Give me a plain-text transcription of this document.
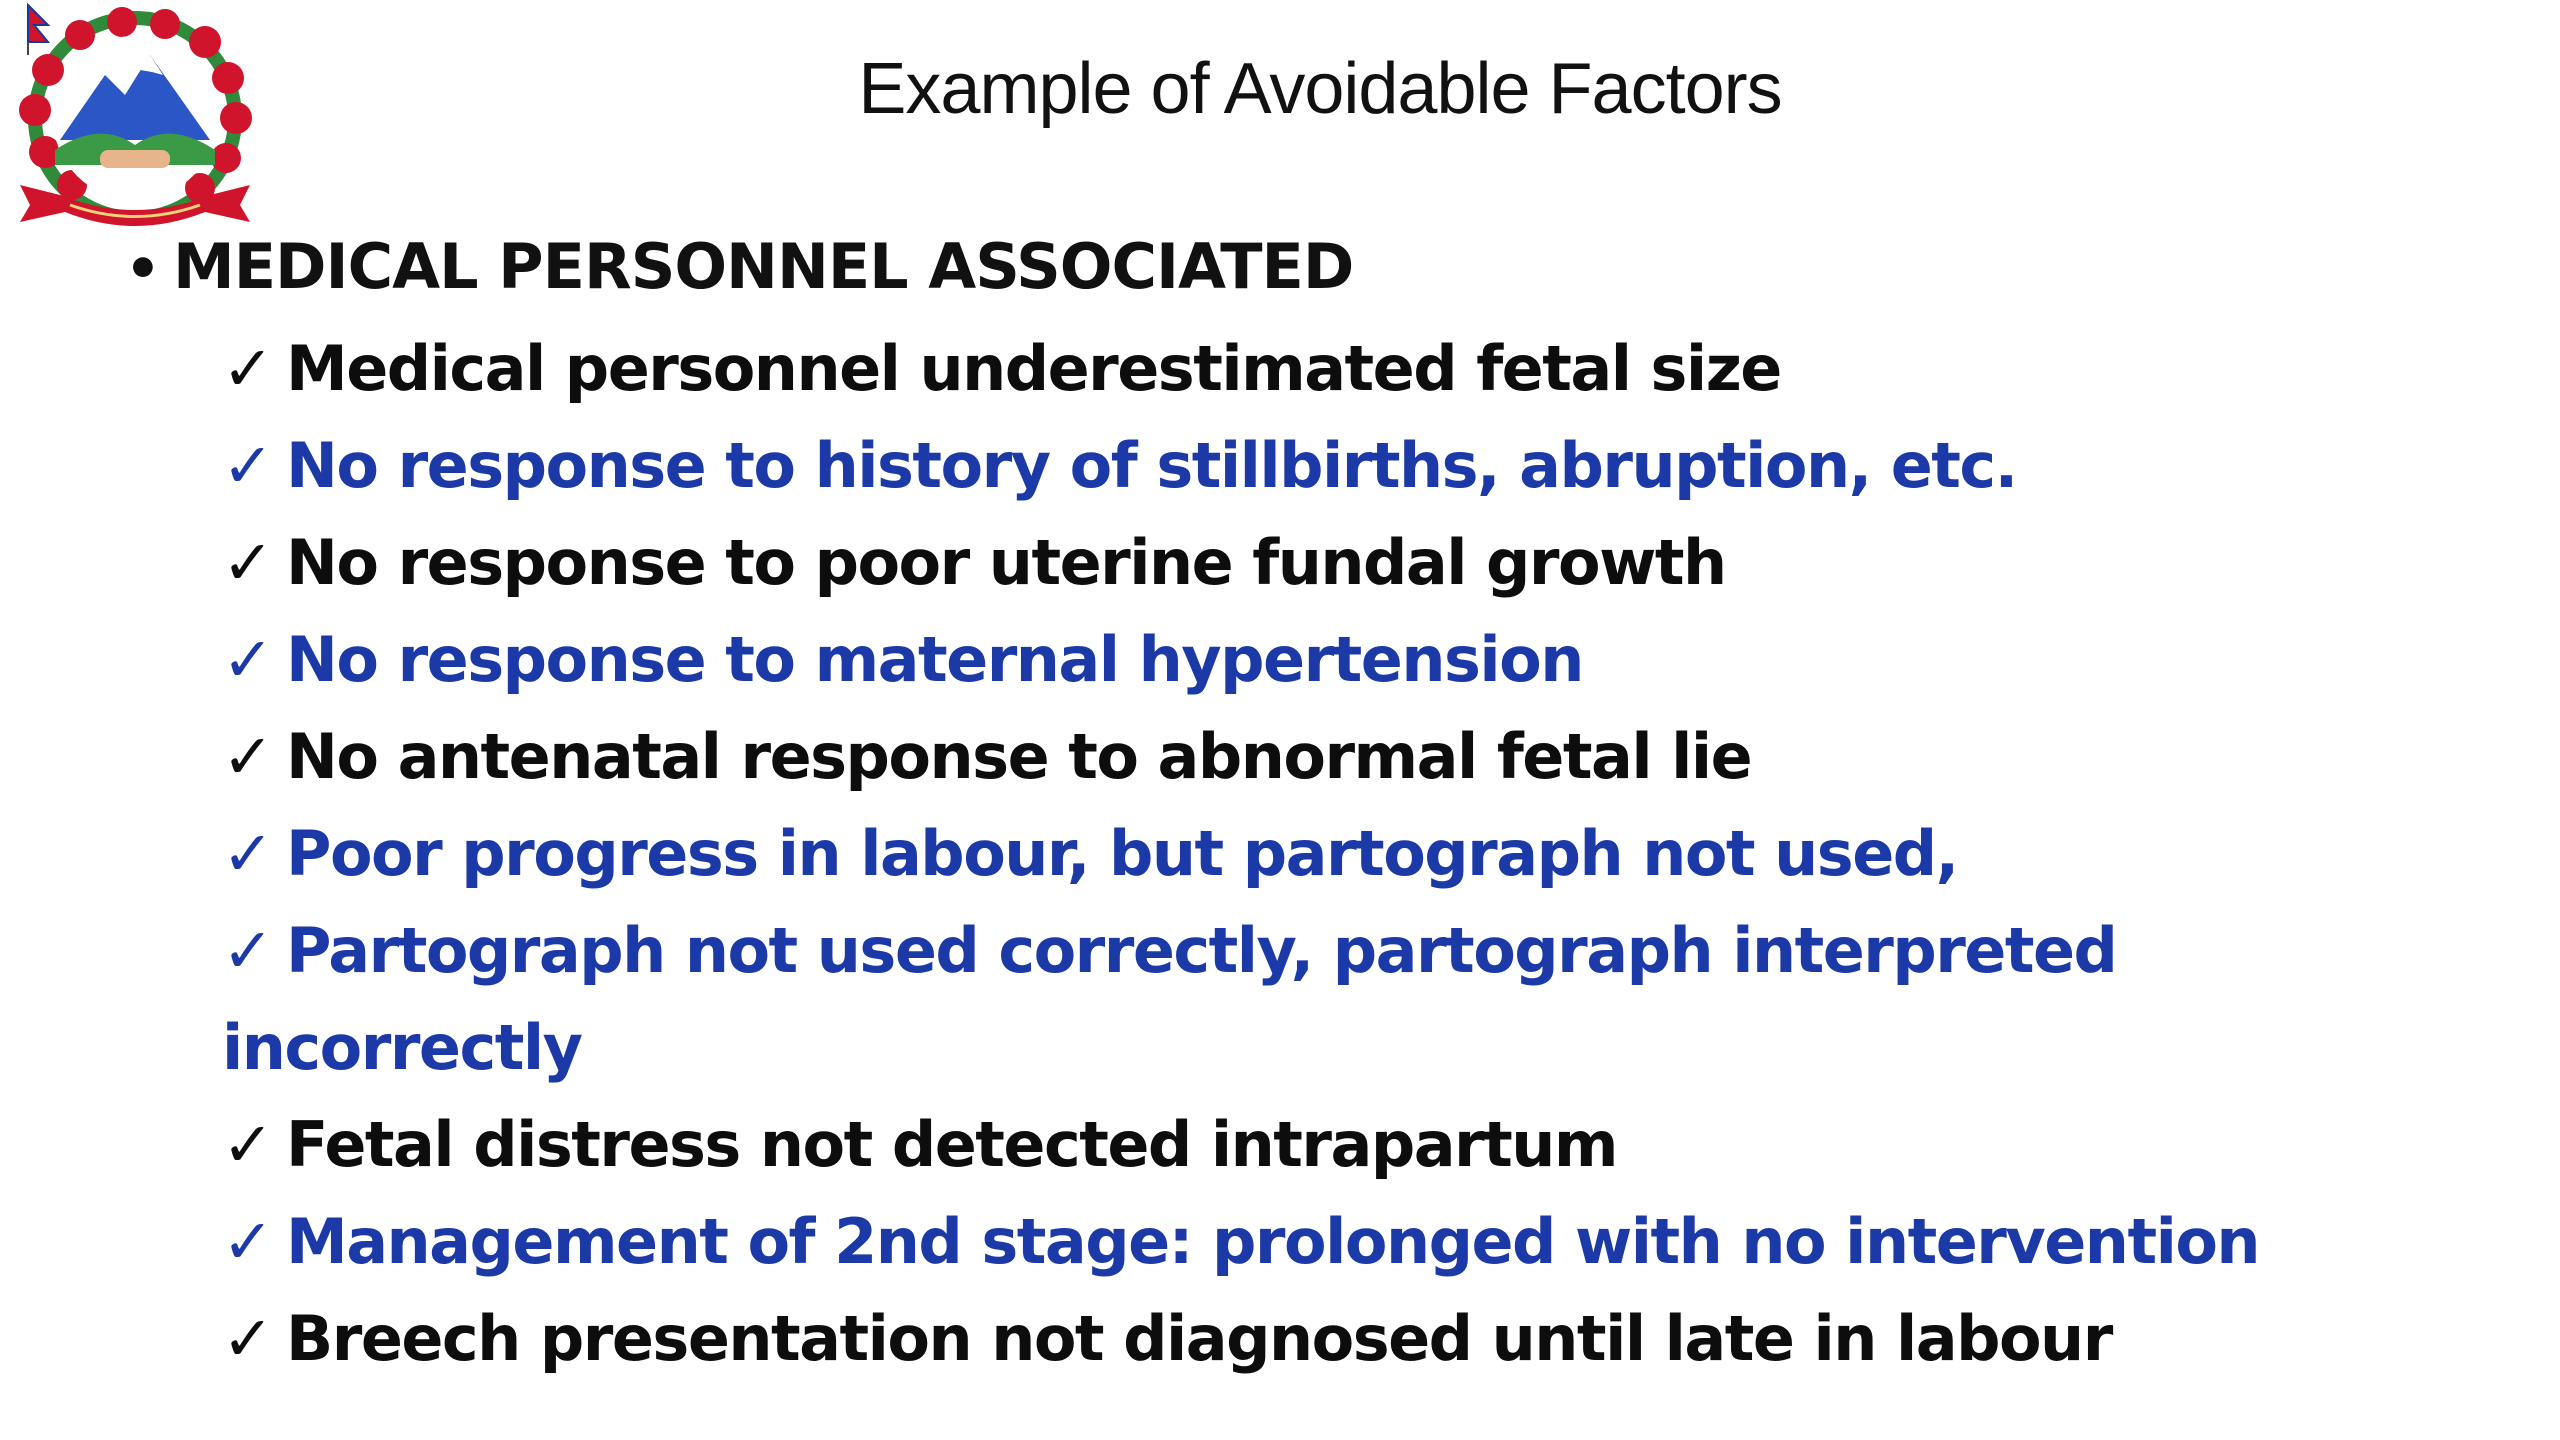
Example of Avoidable Factors
• MEDICAL PERSONNEL ASSOCIATED
✓ Medical personnel underestimated fetal size
✓ No response to history of stillbirths, abruption, etc.
✓ No response to poor uterine fundal growth
✓ No response to maternal hypertension
✓ No antenatal response to abnormal fetal lie
✓ Poor progress in labour, but partograph not used,
✓ Partograph not used correctly, partograph interpreted incorrectly
✓ Fetal distress not detected intrapartum
✓ Management of 2nd stage: prolonged with no intervention
✓ Breech presentation not diagnosed until late in labour
